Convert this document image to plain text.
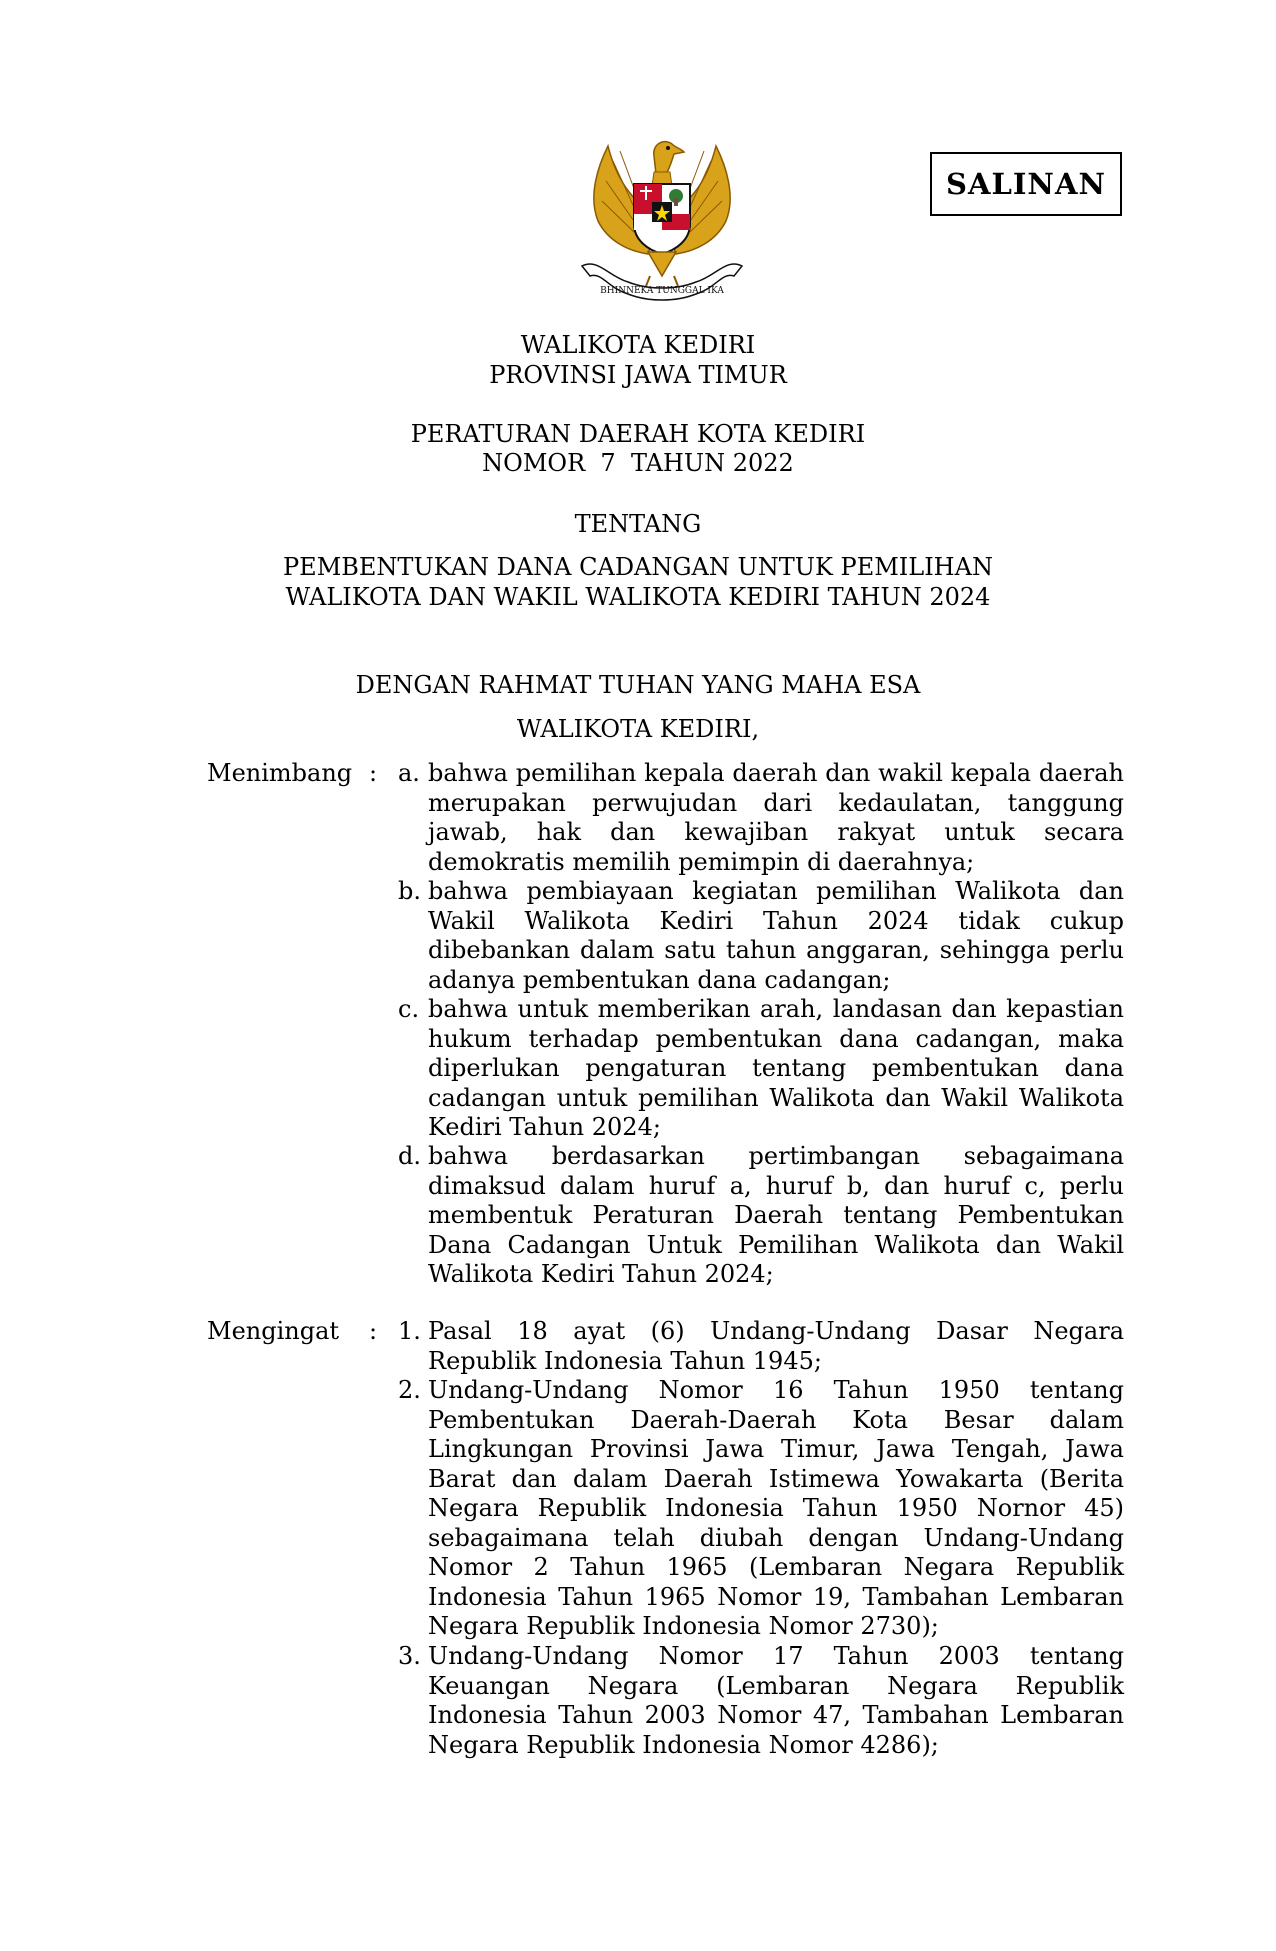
BHINNEKA TUNGGAL IKA
SALINAN
WALIKOTA KEDIRI
PROVINSI JAWA TIMUR
PERATURAN DAERAH KOTA KEDIRI
NOMOR  7  TAHUN 2022
TENTANG
PEMBENTUKAN DANA CADANGAN UNTUK PEMILIHAN
WALIKOTA DAN WAKIL WALIKOTA KEDIRI TAHUN 2024
DENGAN RAHMAT TUHAN YANG MAHA ESA
WALIKOTA KEDIRI,
Menimbang : a. bahwa pemilihan kepala daerah dan wakil kepala daerah merupakan perwujudan dari kedaulatan, tanggung jawab, hak dan kewajiban rakyat untuk secara demokratis memilih pemimpin di daerahnya;
b. bahwa pembiayaan kegiatan pemilihan Walikota dan Wakil Walikota Kediri Tahun 2024 tidak cukup dibebankan dalam satu tahun anggaran, sehingga perlu adanya pembentukan dana cadangan;
c. bahwa untuk memberikan arah, landasan dan kepastian hukum terhadap pembentukan dana cadangan, maka diperlukan pengaturan tentang pembentukan dana cadangan untuk pemilihan Walikota dan Wakil Walikota Kediri Tahun 2024;
d. bahwa berdasarkan pertimbangan sebagaimana dimaksud dalam huruf a, huruf b, dan huruf c, perlu membentuk Peraturan Daerah tentang Pembentukan Dana Cadangan Untuk Pemilihan Walikota dan Wakil Walikota Kediri Tahun 2024;
Mengingat : 1. Pasal 18 ayat (6) Undang-Undang Dasar Negara Republik Indonesia Tahun 1945;
2. Undang-Undang Nomor 16 Tahun 1950 tentang Pembentukan Daerah-Daerah Kota Besar dalam Lingkungan Provinsi Jawa Timur, Jawa Tengah, Jawa Barat dan dalam Daerah Istimewa Yowakarta (Berita Negara Republik Indonesia Tahun 1950 Nornor 45) sebagaimana telah diubah dengan Undang-Undang Nomor 2 Tahun 1965 (Lembaran Negara Republik Indonesia Tahun 1965 Nomor 19, Tambahan Lembaran Negara Republik Indonesia Nomor 2730);
3. Undang-Undang Nomor 17 Tahun 2003 tentang Keuangan Negara (Lembaran Negara Republik Indonesia Tahun 2003 Nomor 47, Tambahan Lembaran Negara Republik Indonesia Nomor 4286);
